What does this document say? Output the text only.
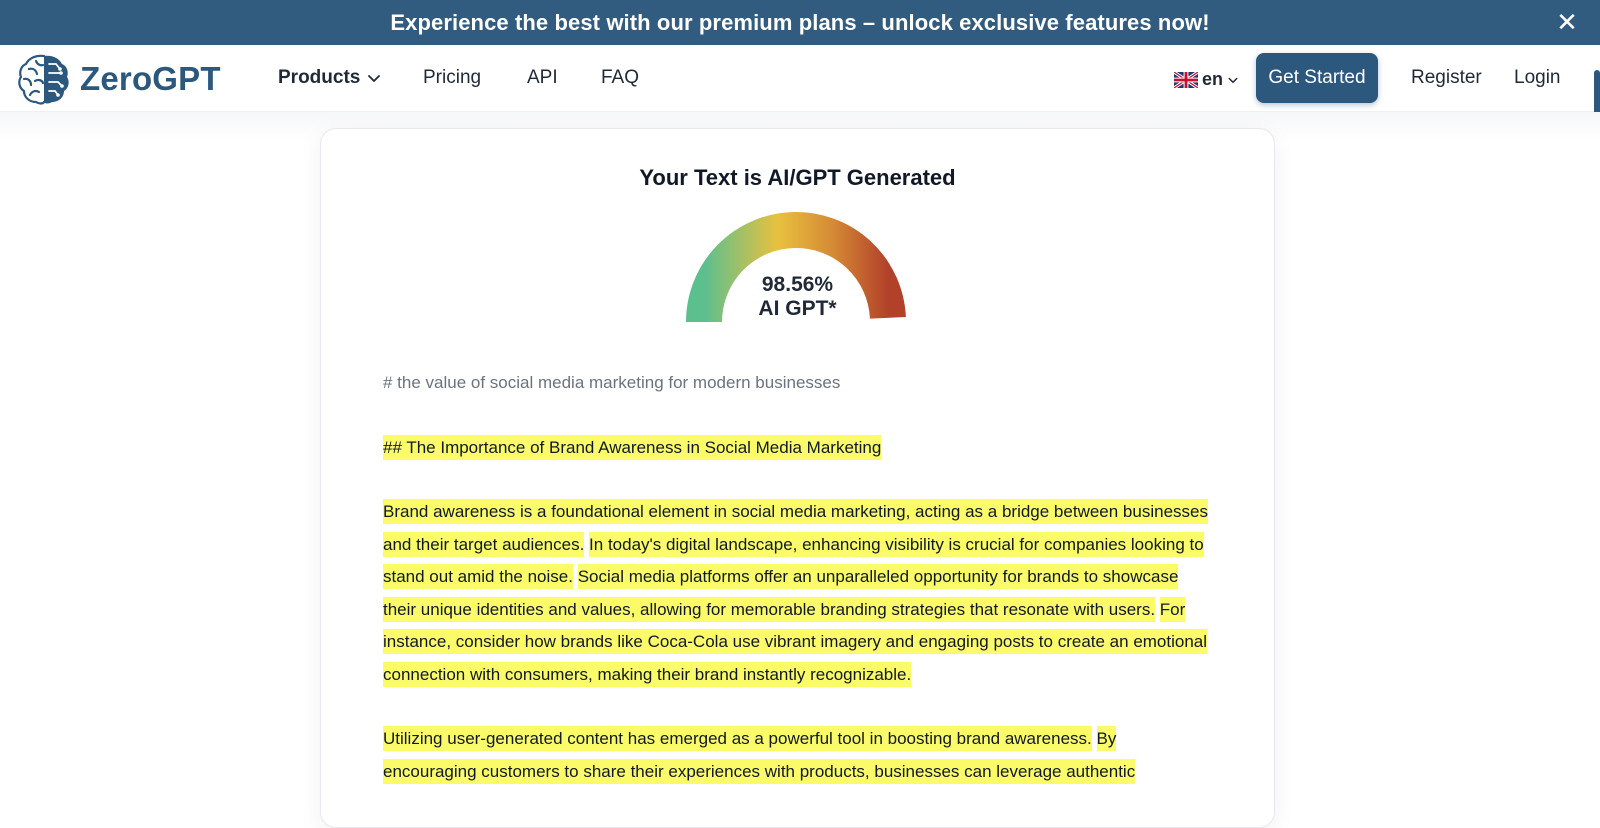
Experience the best with our premium plans – unlock exclusive features now!	✕
ZeroGPT	Products	Pricing API FAQ	en	Get Started	Register Login
Your Text is AI/GPT Generated
98.56%
AI GPT*
# the value of social media marketing for modern businesses
## The Importance of Brand Awareness in Social Media Marketing
Brand awareness is a foundational element in social media marketing, acting as a bridge between businesses and their target audiences. In today's digital landscape, enhancing visibility is crucial for companies looking to stand out amid the noise. Social media platforms offer an unparalleled opportunity for brands to showcase their unique identities and values, allowing for memorable branding strategies that resonate with users. For instance, consider how brands like Coca-Cola use vibrant imagery and engaging posts to create an emotional connection with consumers, making their brand instantly recognizable.
Utilizing user-generated content has emerged as a powerful tool in boosting brand awareness. By encouraging customers to share their experiences with products, businesses can leverage authentic
